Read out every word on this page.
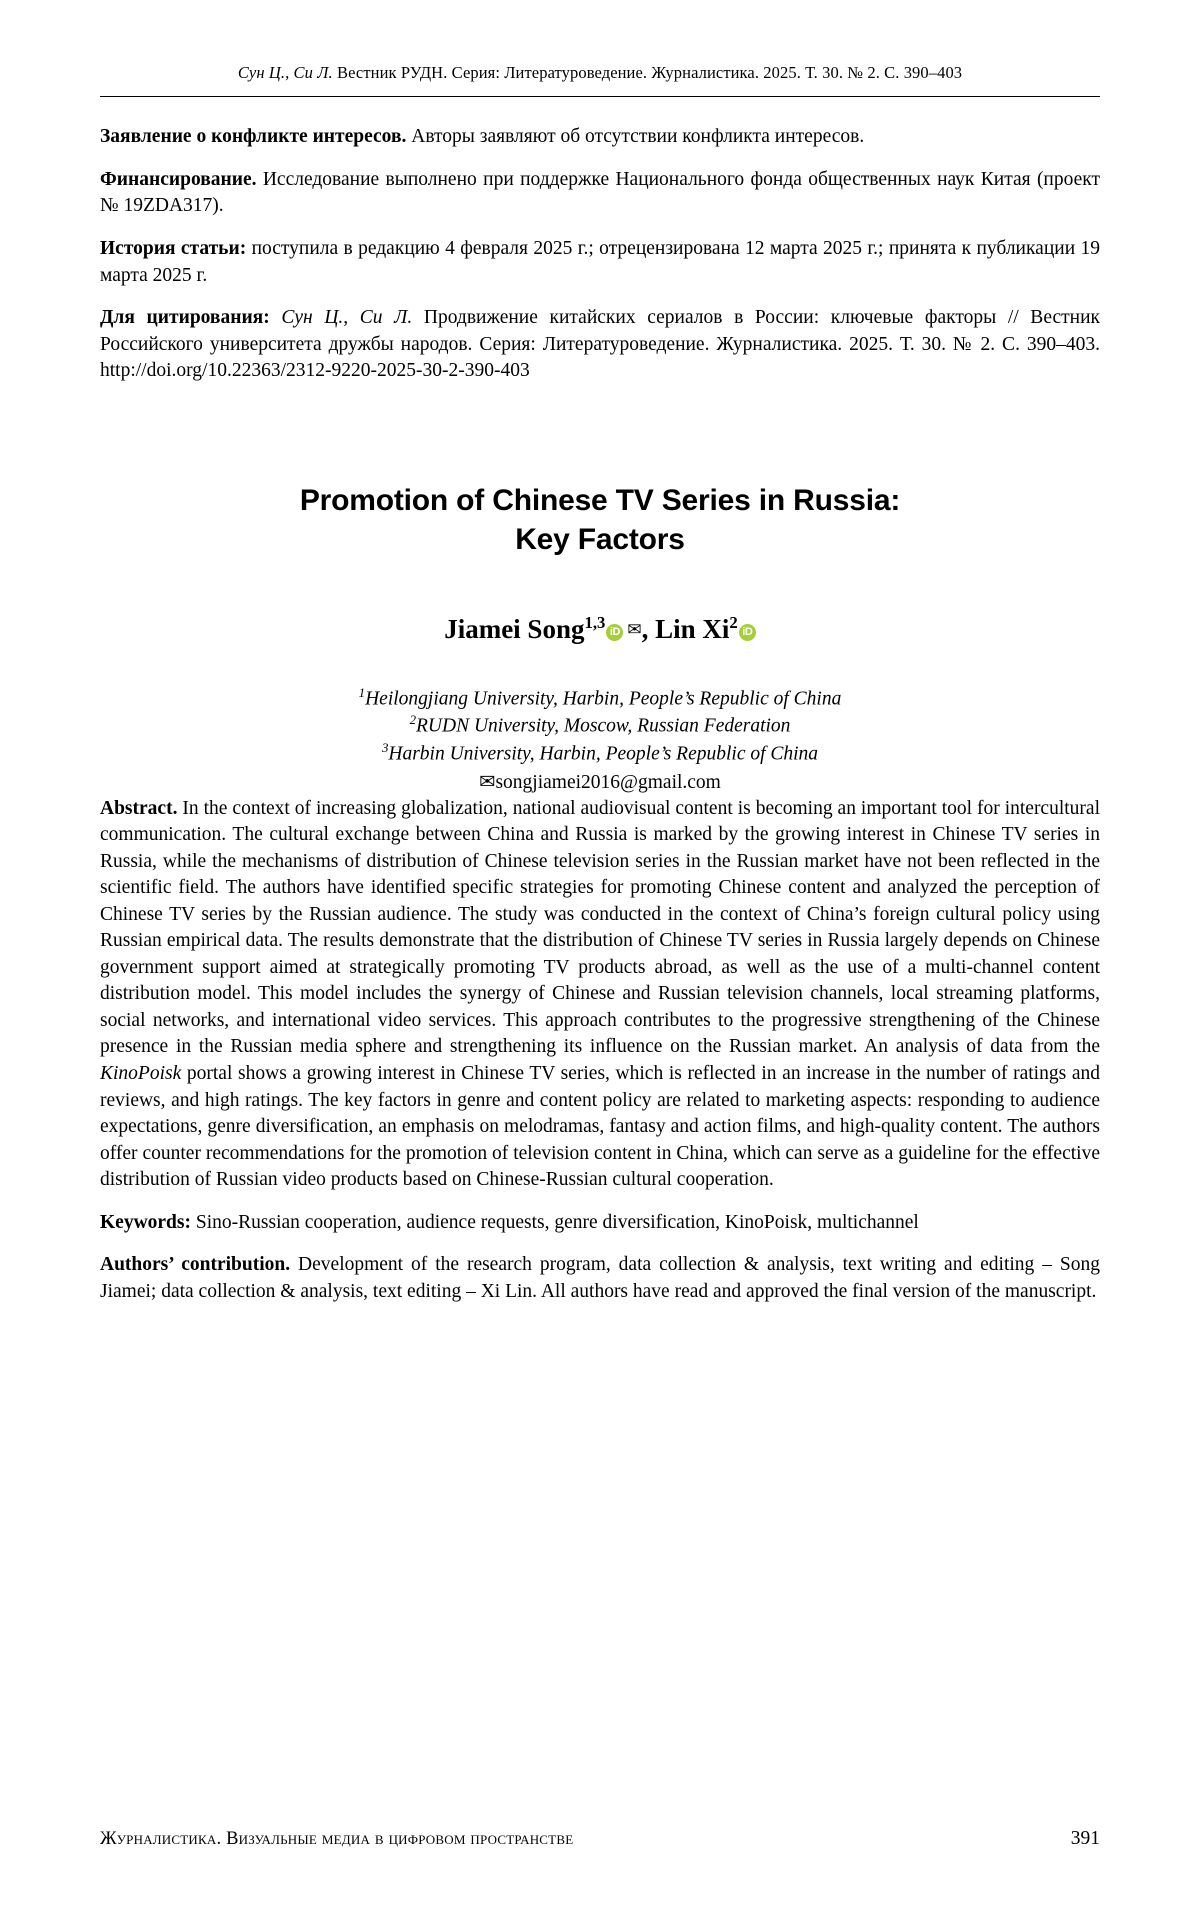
Сун Ц., Си Л. Вестник РУДН. Серия: Литературоведение. Журналистика. 2025. Т. 30. № 2. С. 390–403

Заявление о конфликте интересов. Авторы заявляют об отсутствии конфликта интересов.

Финансирование. Исследование выполнено при поддержке Национального фонда общественных наук Китая (проект № 19ZDA317).

История статьи: поступила в редакцию 4 февраля 2025 г.; отрецензирована 12 марта 2025 г.; принята к публикации 19 марта 2025 г.

Для цитирования: Сун Ц., Си Л. Продвижение китайских сериалов в России: ключевые факторы // Вестник Российского университета дружбы народов. Серия: Литературоведение. Журналистика. 2025. Т. 30. № 2. С. 390–403. http://doi.org/10.22363/2312-9220-2025-30-2-390-403

Promotion of Chinese TV Series in Russia:
Key Factors
Jiamei Song$^{1,3}$ iD ✉, Lin Xi$^2$ iD
$^1$Heilongjiang University, Harbin, People’s Republic of China
$^2$RUDN University, Moscow, Russian Federation
$^3$Harbin University, Harbin, People’s Republic of China
✉songjiamei2016@gmail.com

Abstract. In the context of increasing globalization, national audiovisual content is becoming an important tool for intercultural communication. The cultural exchange between China and Russia is marked by the growing interest in Chinese TV series in Russia, while the mechanisms of distribution of Chinese television series in the Russian market have not been reflected in the scientific field. The authors have identified specific strategies for promoting Chinese content and analyzed the perception of Chinese TV series by the Russian audience. The study was conducted in the context of China’s foreign cultural policy using Russian empirical data. The results demonstrate that the distribution of Chinese TV series in Russia largely depends on Chinese government support aimed at strategically promoting TV products abroad, as well as the use of a multi-channel content distribution model. This model includes the synergy of Chinese and Russian television channels, local streaming platforms, social networks, and international video services. This approach contributes to the progressive strengthening of the Chinese presence in the Russian media sphere and strengthening its influence on the Russian market. An analysis of data from the KinoPoisk portal shows a growing interest in Chinese TV series, which is reflected in an increase in the number of ratings and reviews, and high ratings. The key factors in genre and content policy are related to marketing aspects: responding to audience expectations, genre diversification, an emphasis on melodramas, fantasy and action films, and high-quality content. The authors offer counter recommendations for the promotion of television content in China, which can serve as a guideline for the effective distribution of Russian video products based on Chinese-Russian cultural cooperation.

Keywords: Sino-Russian cooperation, audience requests, genre diversification, KinoPoisk, multichannel

Authors’ contribution. Development of the research program, data collection & analysis, text writing and editing – Song Jiamei; data collection & analysis, text editing – Xi Lin. All authors have read and approved the final version of the manuscript.

Журналистика. Визуальные медиа в цифровом пространстве	391
